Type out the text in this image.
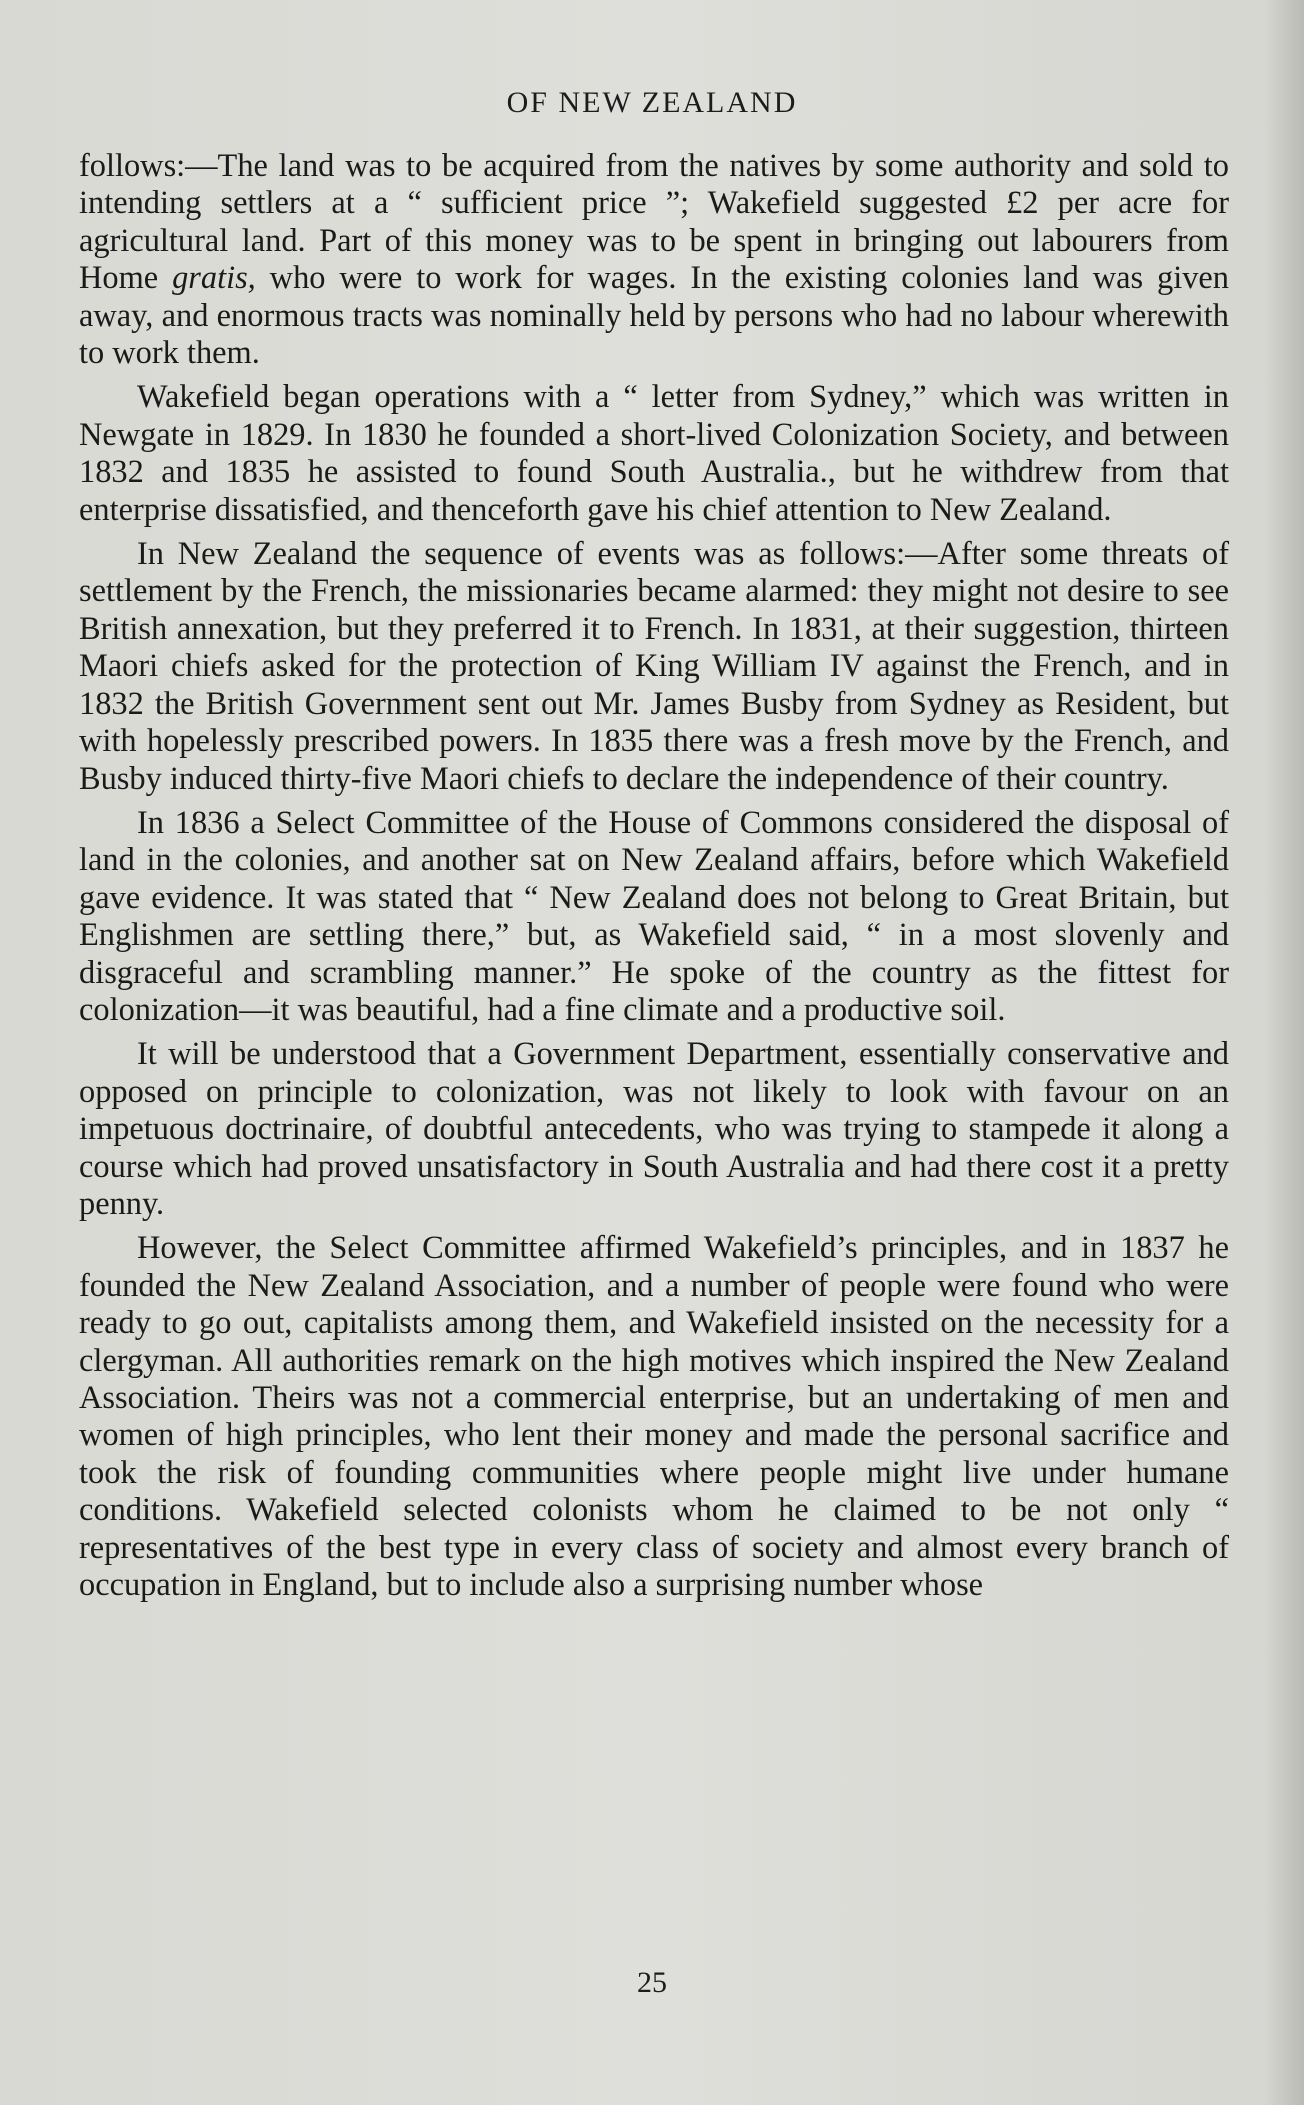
OF NEW ZEALAND

follows:—The land was to be acquired from the natives by some authority and sold to intending settlers at a “ sufficient price ”; Wakefield suggested £2 per acre for agricultural land. Part of this money was to be spent in bringing out labourers from Home gratis, who were to work for wages. In the existing colonies land was given away, and enormous tracts was nominally held by persons who had no labour wherewith to work them.

Wakefield began operations with a “ letter from Sydney,” which was written in Newgate in 1829. In 1830 he founded a short-lived Colonization Society, and between 1832 and 1835 he assisted to found South Australia., but he withdrew from that enterprise dissatisfied, and thenceforth gave his chief attention to New Zealand.

In New Zealand the sequence of events was as follows:—After some threats of settlement by the French, the missionaries became alarmed: they might not desire to see British annexation, but they preferred it to French. In 1831, at their suggestion, thirteen Maori chiefs asked for the protection of King William IV against the French, and in 1832 the British Government sent out Mr. James Busby from Sydney as Resident, but with hopelessly prescribed powers. In 1835 there was a fresh move by the French, and Busby induced thirty-five Maori chiefs to declare the independence of their country.

In 1836 a Select Committee of the House of Commons considered the disposal of land in the colonies, and another sat on New Zealand affairs, before which Wakefield gave evidence. It was stated that “ New Zealand does not belong to Great Britain, but Englishmen are settling there,” but, as Wakefield said, “ in a most slovenly and disgraceful and scrambling manner.” He spoke of the country as the fittest for colonization—it was beautiful, had a fine climate and a productive soil.

It will be understood that a Government Department, essentially conservative and opposed on principle to colonization, was not likely to look with favour on an impetuous doctrinaire, of doubtful antecedents, who was trying to stampede it along a course which had proved unsatisfactory in South Australia and had there cost it a pretty penny.

However, the Select Committee affirmed Wakefield’s principles, and in 1837 he founded the New Zealand Association, and a number of people were found who were ready to go out, capitalists among them, and Wakefield insisted on the necessity for a clergyman. All authorities remark on the high motives which inspired the New Zealand Association. Theirs was not a commercial enterprise, but an undertaking of men and women of high principles, who lent their money and made the personal sacrifice and took the risk of founding communities where people might live under humane conditions. Wakefield selected colonists whom he claimed to be not only “ representatives of the best type in every class of society and almost every branch of occupation in England, but to include also a surprising number whose

25
